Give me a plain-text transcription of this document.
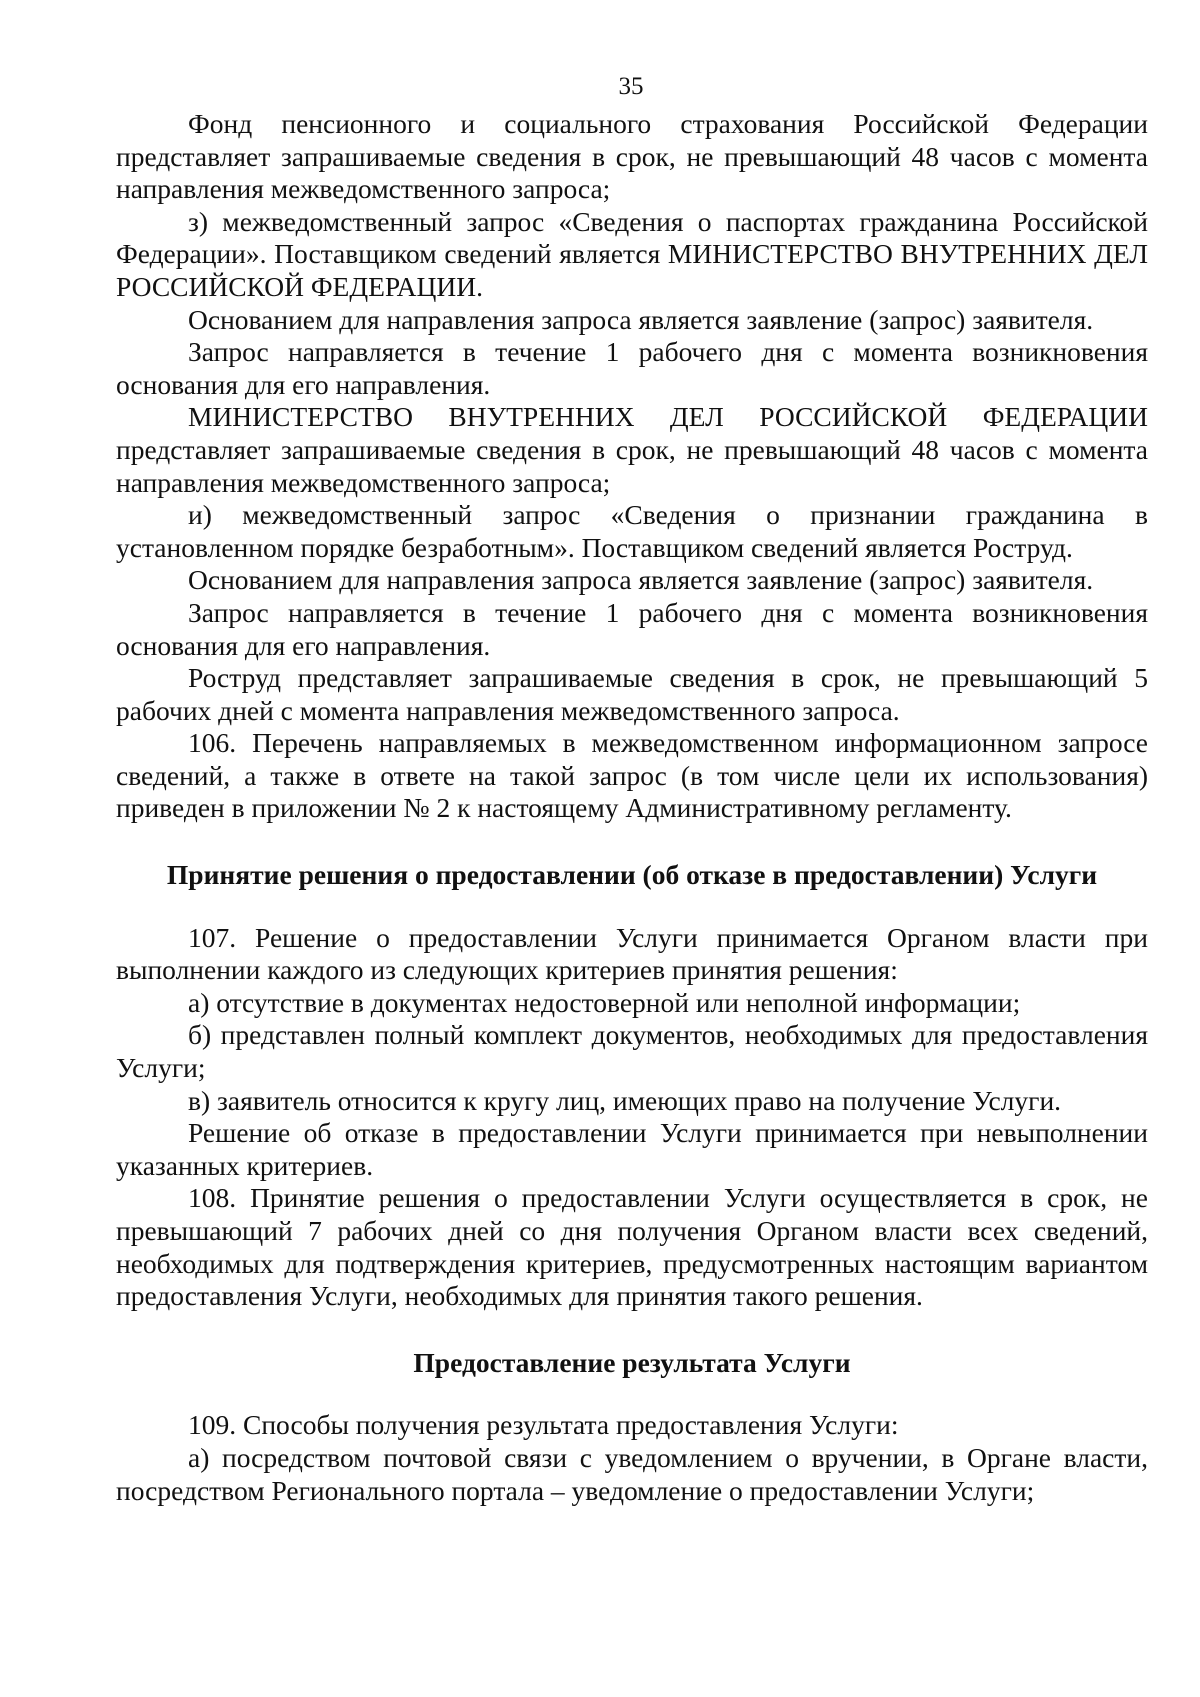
35

Фонд пенсионного и социального страхования Российской Федерации представляет запрашиваемые сведения в срок, не превышающий 48 часов с момента направления межведомственного запроса;

з) межведомственный запрос «Сведения о паспортах гражданина Российской Федерации». Поставщиком сведений является МИНИСТЕРСТВО ВНУТРЕННИХ ДЕЛ РОССИЙСКОЙ ФЕДЕРАЦИИ.

Основанием для направления запроса является заявление (запрос) заявителя.

Запрос направляется в течение 1 рабочего дня с момента возникновения основания для его направления.

МИНИСТЕРСТВО ВНУТРЕННИХ ДЕЛ РОССИЙСКОЙ ФЕДЕРАЦИИ представляет запрашиваемые сведения в срок, не превышающий 48 часов с момента направления межведомственного запроса;

и) межведомственный запрос «Сведения о признании гражданина в установленном порядке безработным». Поставщиком сведений является Роструд.

Основанием для направления запроса является заявление (запрос) заявителя.

Запрос направляется в течение 1 рабочего дня с момента возникновения основания для его направления.

Роструд представляет запрашиваемые сведения в срок, не превышающий 5 рабочих дней с момента направления межведомственного запроса.

106. Перечень направляемых в межведомственном информационном запросе сведений, а также в ответе на такой запрос (в том числе цели их использования) приведен в приложении № 2 к настоящему Административному регламенту.

Принятие решения о предоставлении (об отказе в предоставлении) Услуги

107. Решение о предоставлении Услуги принимается Органом власти при выполнении каждого из следующих критериев принятия решения:

а) отсутствие в документах недостоверной или неполной информации;

б) представлен полный комплект документов, необходимых для предоставления Услуги;

в) заявитель относится к кругу лиц, имеющих право на получение Услуги.

Решение об отказе в предоставлении Услуги принимается при невыполнении указанных критериев.

108. Принятие решения о предоставлении Услуги осуществляется в срок, не превышающий 7 рабочих дней со дня получения Органом власти всех сведений, необходимых для подтверждения критериев, предусмотренных настоящим вариантом предоставления Услуги, необходимых для принятия такого решения.

Предоставление результата Услуги

109. Способы получения результата предоставления Услуги:

а) посредством почтовой связи с уведомлением о вручении, в Органе власти, посредством Регионального портала – уведомление о предоставлении Услуги;
